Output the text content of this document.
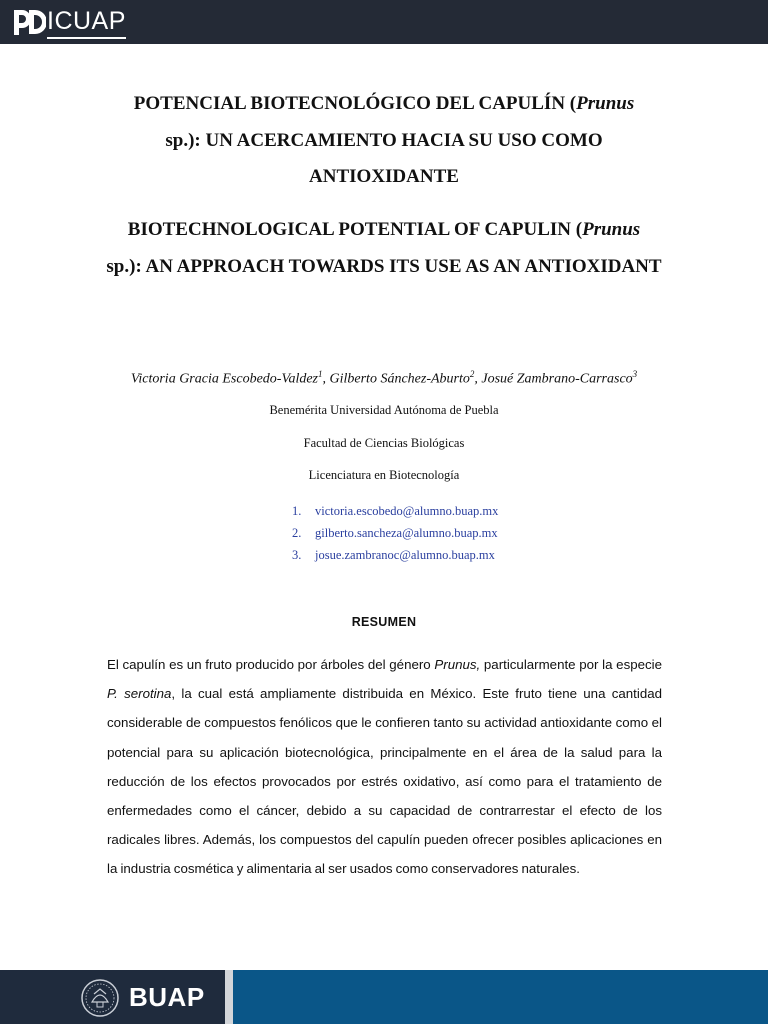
ICUAP
POTENCIAL BIOTECNOLÓGICO DEL CAPULÍN (Prunus
sp.): UN ACERCAMIENTO HACIA SU USO COMO ANTIOXIDANTE
BIOTECHNOLOGICAL POTENTIAL OF CAPULIN (Prunus
sp.): AN APPROACH TOWARDS ITS USE AS AN ANTIOXIDANT
Victoria Gracia Escobedo-Valdez$^1$, Gilberto Sánchez-Aburto$^2$, Josué Zambrano-Carrasco$^3$
Benemérita Universidad Autónoma de Puebla
Facultad de Ciencias Biológicas
Licenciatura en Biotecnología
1.	victoria.escobedo@alumno.buap.mx
2.	gilberto.sancheza@alumno.buap.mx
3.	josue.zambranoc@alumno.buap.mx
RESUMEN

El capulín es un fruto producido por árboles del género Prunus, particularmente por la especie P. serotina, la cual está ampliamente distribuida en México. Este fruto tiene una cantidad considerable de compuestos fenólicos que le confieren tanto su actividad antioxidante como el potencial para su aplicación biotecnológica, principalmente en el área de la salud para la reducción de los efectos provocados por estrés oxidativo, así como para el tratamiento de enfermedades como el cáncer, debido a su capacidad de contrarrestar el efecto de los radicales libres. Además, los compuestos del capulín pueden ofrecer posibles aplicaciones en la industria cosmética y alimentaria al ser usados como conservadores naturales.

BUAP
